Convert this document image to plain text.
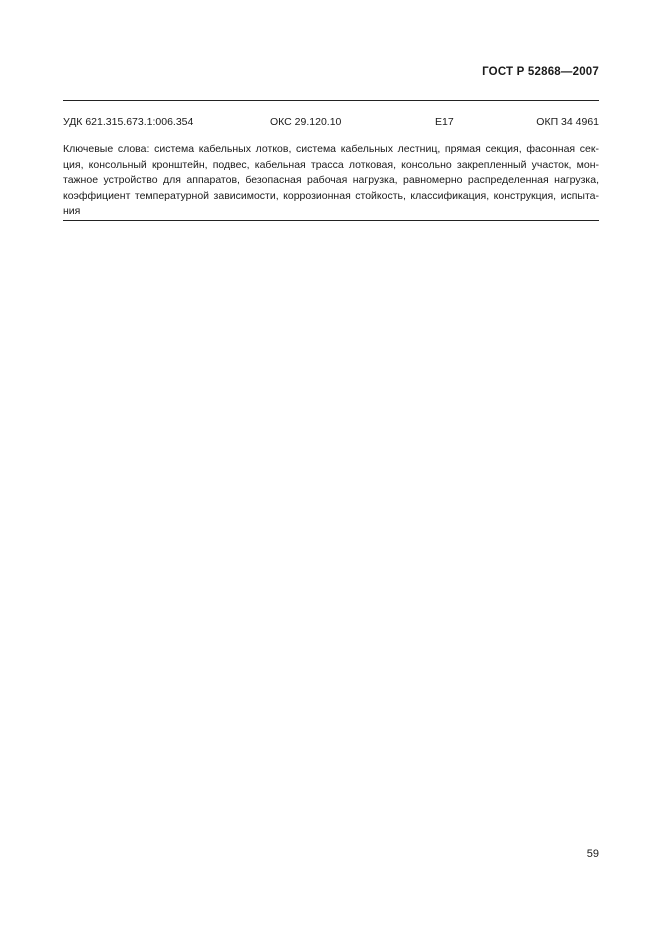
ГОСТ Р 52868—2007
УДК 621.315.673.1:006.354	ОКС 29.120.10	Е17	ОКП 34 4961
Ключевые слова: система кабельных лотков, система кабельных лестниц, прямая секция, фасонная сек-
ция, консольный кронштейн, подвес, кабельная трасса лотковая, консольно закрепленный участок, мон-
тажное устройство для аппаратов, безопасная рабочая нагрузка, равномерно распределенная нагрузка,
коэффициент температурной зависимости, коррозионная стойкость, классификация, конструкция, испыта-
ния
59
